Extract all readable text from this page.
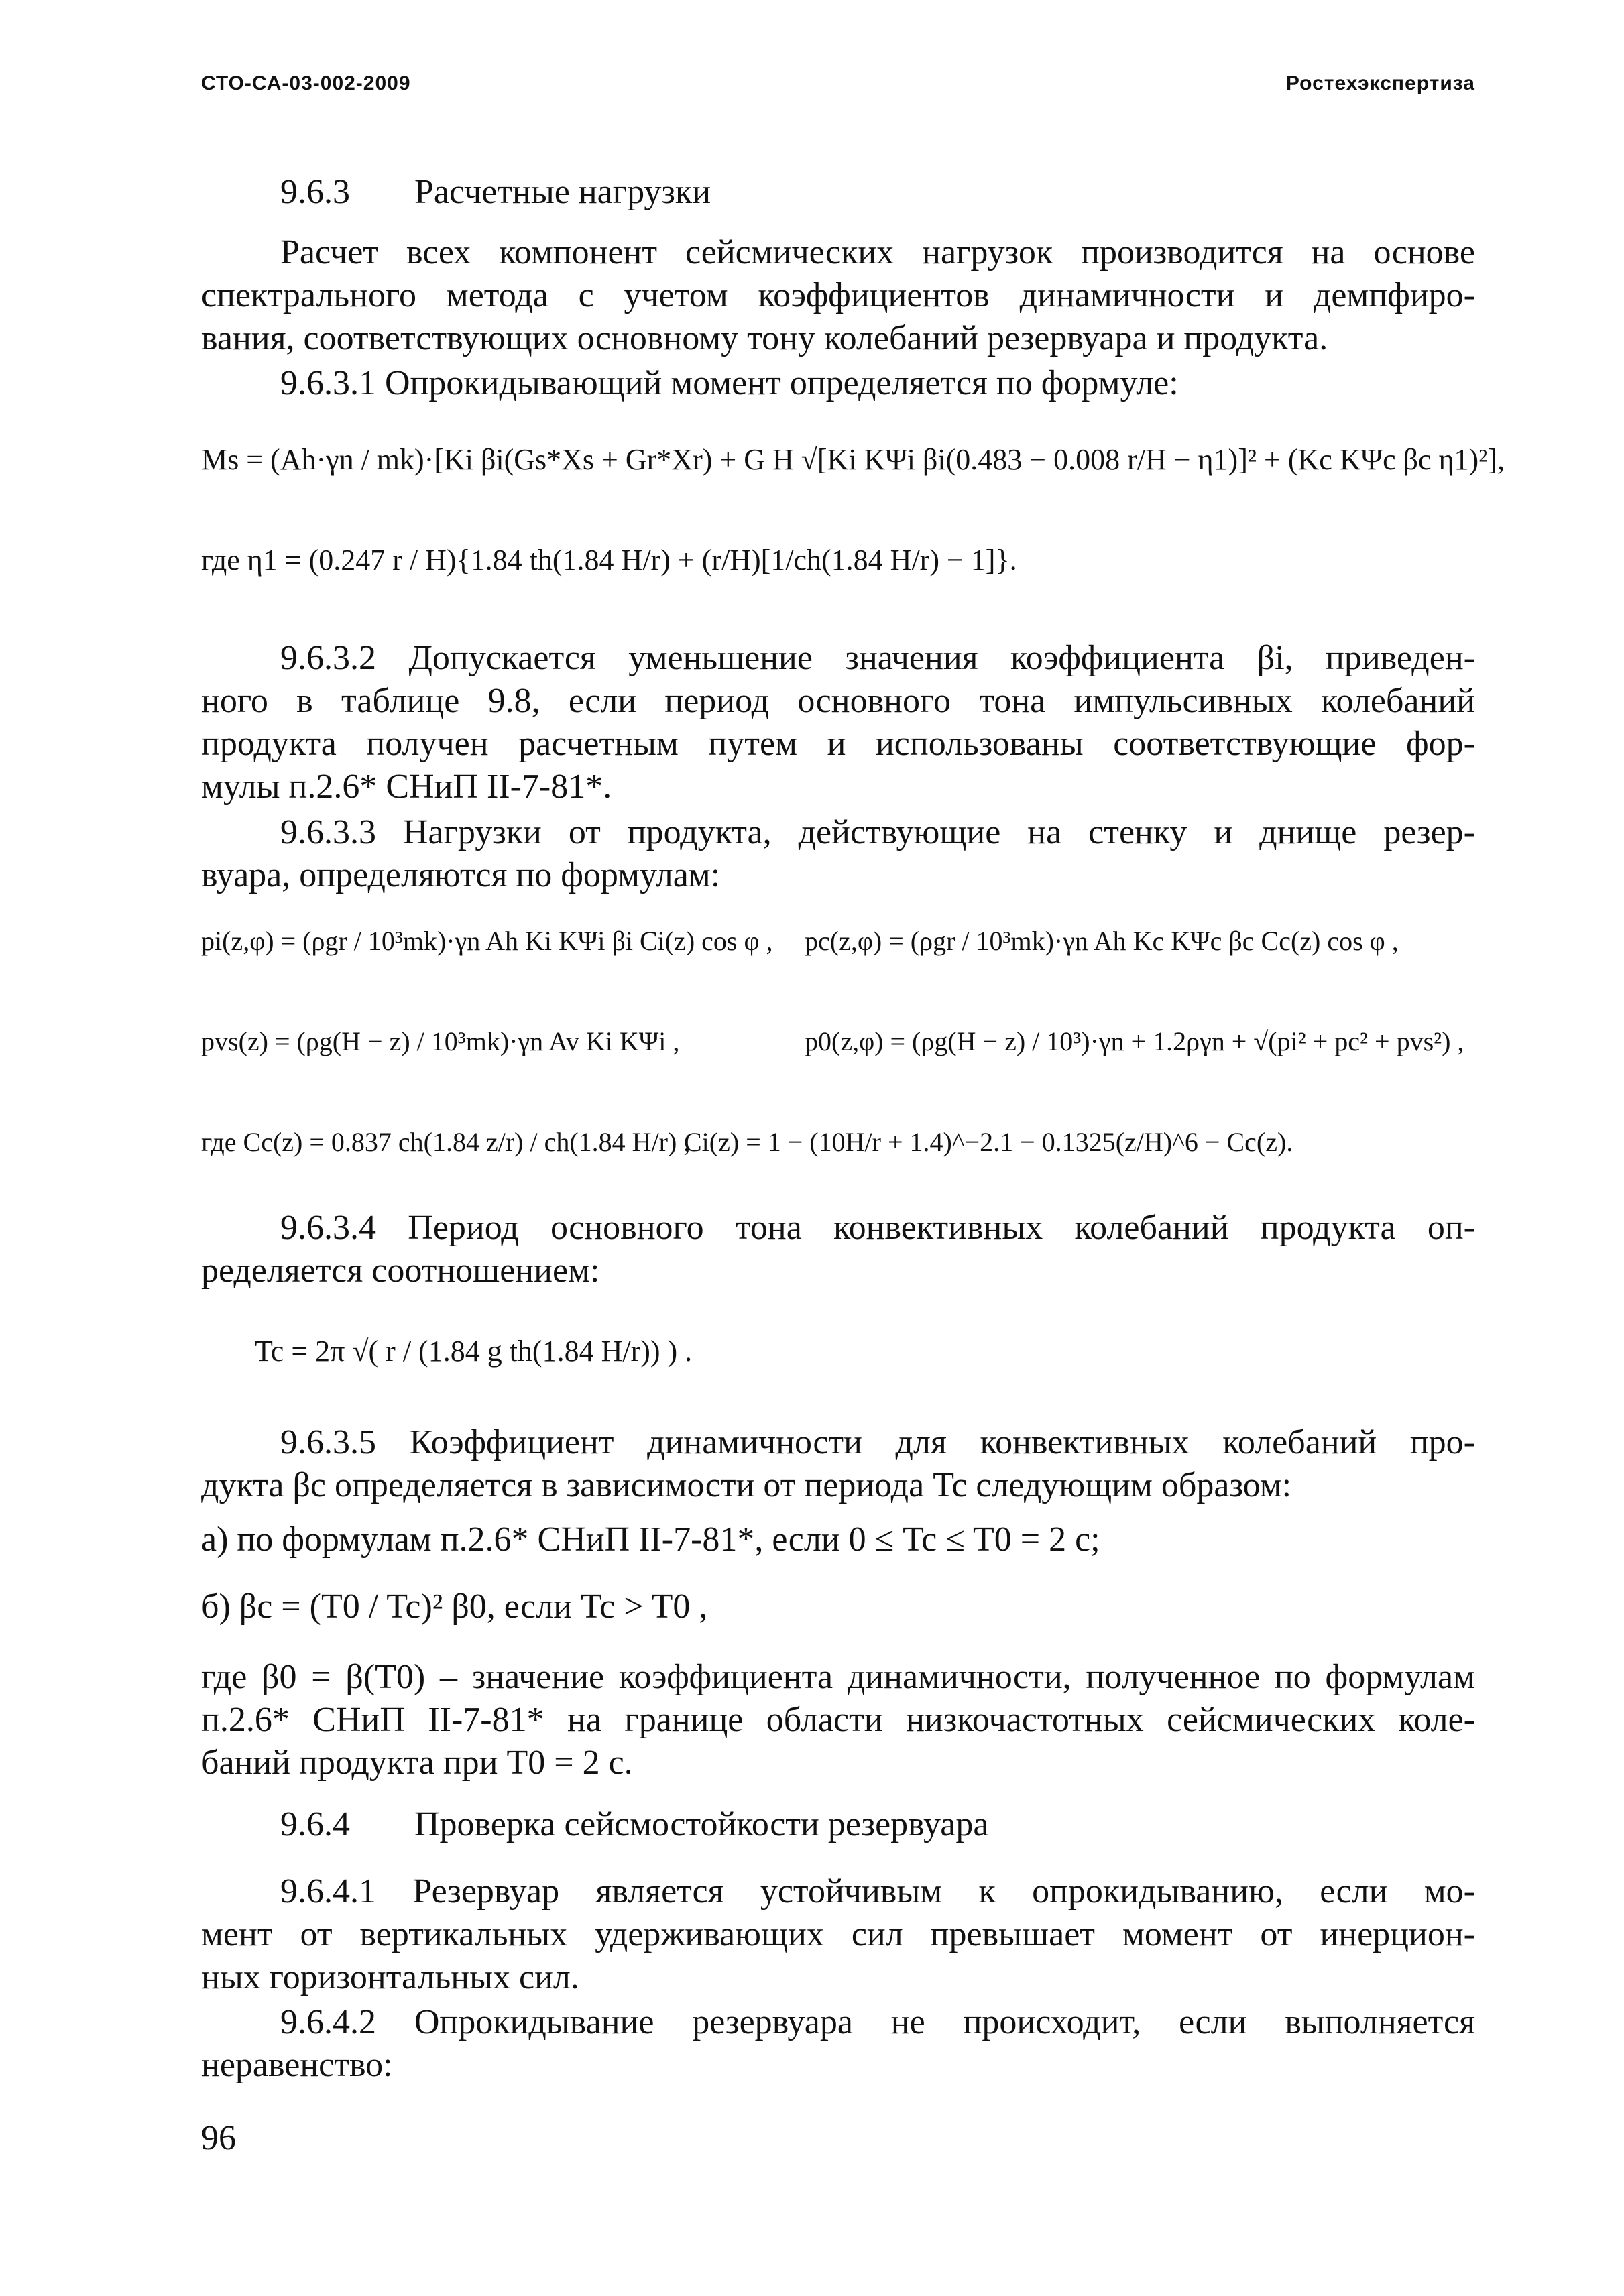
СТО-СА-03-002-2009	Ростехэкспертиза
9.6.3 Расчетные нагрузки
Расчет всех компонент сейсмических нагрузок производится на основе
спектрального метода с учетом коэффициентов динамичности и демпфиро-
вания, соответствующих основному тону колебаний резервуара и продукта.
9.6.3.1 Опрокидывающий момент определяется по формуле:
Ms = (Ah·γn / mk)·[Ki βi(Gs*Xs + Gr*Xr) + G H √[Ki KΨi βi(0.483 − 0.008 r/H − η1)]² + (Kc KΨc βc η1)²],
где η1 = (0.247 r / H){1.84 th(1.84 H/r) + (r/H)[1/ch(1.84 H/r) − 1]}.
9.6.3.2 Допускается уменьшение значения коэффициента βi, приведен-
ного в таблице 9.8, если период основного тона импульсивных колебаний
продукта получен расчетным путем и использованы соответствующие фор-
мулы п.2.6* СНиП II-7-81*.
9.6.3.3 Нагрузки от продукта, действующие на стенку и днище резер-
вуара, определяются по формулам:
pi(z,φ) = (ρgr / 10³mk)·γn Ah Ki KΨi βi Ci(z) cos φ , pc(z,φ) = (ρgr / 10³mk)·γn Ah Kc KΨc βc Cc(z) cos φ ,
pvs(z) = (ρg(H − z) / 10³mk)·γn Av Ki KΨi ,	p0(z,φ) = (ρg(H − z) / 10³)·γn + 1.2ργn + √(pi² + pc² + pvs²) ,
где Cc(z) = 0.837 ch(1.84 z/r) / ch(1.84 H/r) ,
Ci(z) = 1 − (10H/r + 1.4)^−2.1 − 0.1325(z/H)^6 − Cc(z).
9.6.3.4 Период основного тона конвективных колебаний продукта оп-
ределяется соотношением:
Tc = 2π √( r / (1.84 g th(1.84 H/r)) ) .
9.6.3.5 Коэффициент динамичности для конвективных колебаний про-
дукта βc определяется в зависимости от периода Tc следующим образом:
а) по формулам п.2.6* СНиП II-7-81*, если 0 ≤ Tc ≤ T0 = 2 с;
б) βc = (T0 / Tc)² β0, если Tc > T0 ,
где β0 = β(T0) – значение коэффициента динамичности, полученное по формулам
п.2.6* СНиП II-7-81* на границе области низкочастотных сейсмических коле-
баний продукта при T0 = 2 с.
9.6.4 Проверка сейсмостойкости резервуара
9.6.4.1 Резервуар является устойчивым к опрокидыванию, если мо-
мент от вертикальных удерживающих сил превышает момент от инерцион-
ных горизонтальных сил.
9.6.4.2 Опрокидывание резервуара не происходит, если выполняется
неравенство:
96
